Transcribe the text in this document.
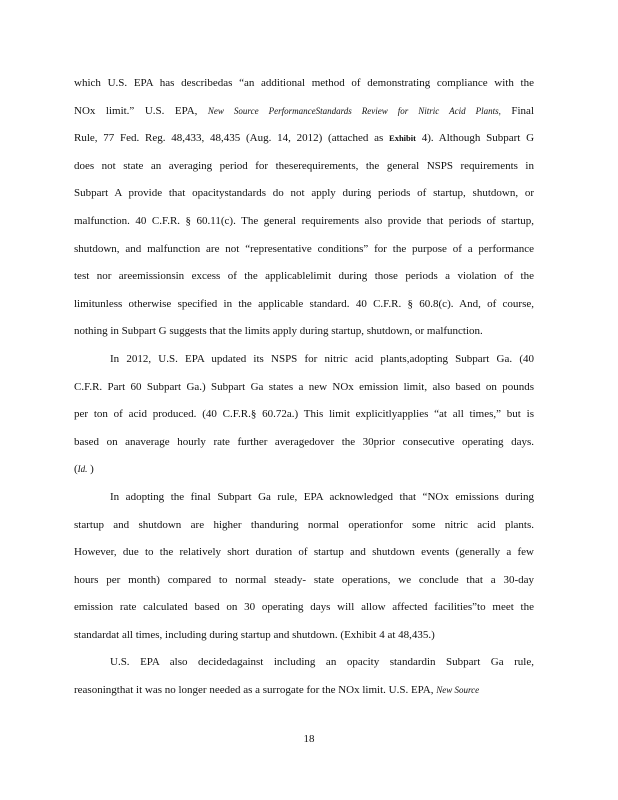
which U.S. EPA has describedas “an additional method of demonstrating compliance with the
NOx limit.” U.S. EPA, New Source PerformanceStandards Review for Nitric Acid Plants, Final
Rule, 77 Fed. Reg. 48,433, 48,435 (Aug. 14, 2012) (attached as Exhibit 4). Although Subpart G
does not state an averaging period for theserequirements, the general NSPS requirements in
Subpart A provide that opacitystandards do not apply during periods of startup, shutdown, or
malfunction. 40 C.F.R. § 60.11(c). The general requirements also provide that periods of startup,
shutdown, and malfunction are not “representative conditions” for the purpose of a performance
test nor areemissionsin excess of the applicablelimit during those periods a violation of the
limitunless otherwise specified in the applicable standard. 40 C.F.R. § 60.8(c). And, of course,
nothing in Subpart G suggests that the limits apply during startup, shutdown, or malfunction.
In 2012, U.S. EPA updated its NSPS for nitric acid plants,adopting Subpart Ga. (40
C.F.R. Part 60 Subpart Ga.) Subpart Ga states a new NOx emission limit, also based on pounds
per ton of acid produced. (40 C.F.R.§ 60.72a.) This limit explicitlyapplies “at all times,” but is
based on anaverage hourly rate further averagedover the 30prior consecutive operating days.
(Id. )
In adopting the final Subpart Ga rule, EPA acknowledged that “NOx emissions during
startup and shutdown are higher thanduring normal operationfor some nitric acid plants.
However, due to the relatively short duration of startup and shutdown events (generally a few
hours per month) compared to normal steady- state operations, we conclude that a 30-day
emission rate calculated based on 30 operating days will allow affected facilities”to meet the
standardat all times, including during startup and shutdown. (Exhibit 4 at 48,435.)
U.S. EPA also decidedagainst including an opacity standardin Subpart Ga rule,
reasoningthat it was no longer needed as a surrogate for the NOx limit. U.S. EPA, New Source
18
